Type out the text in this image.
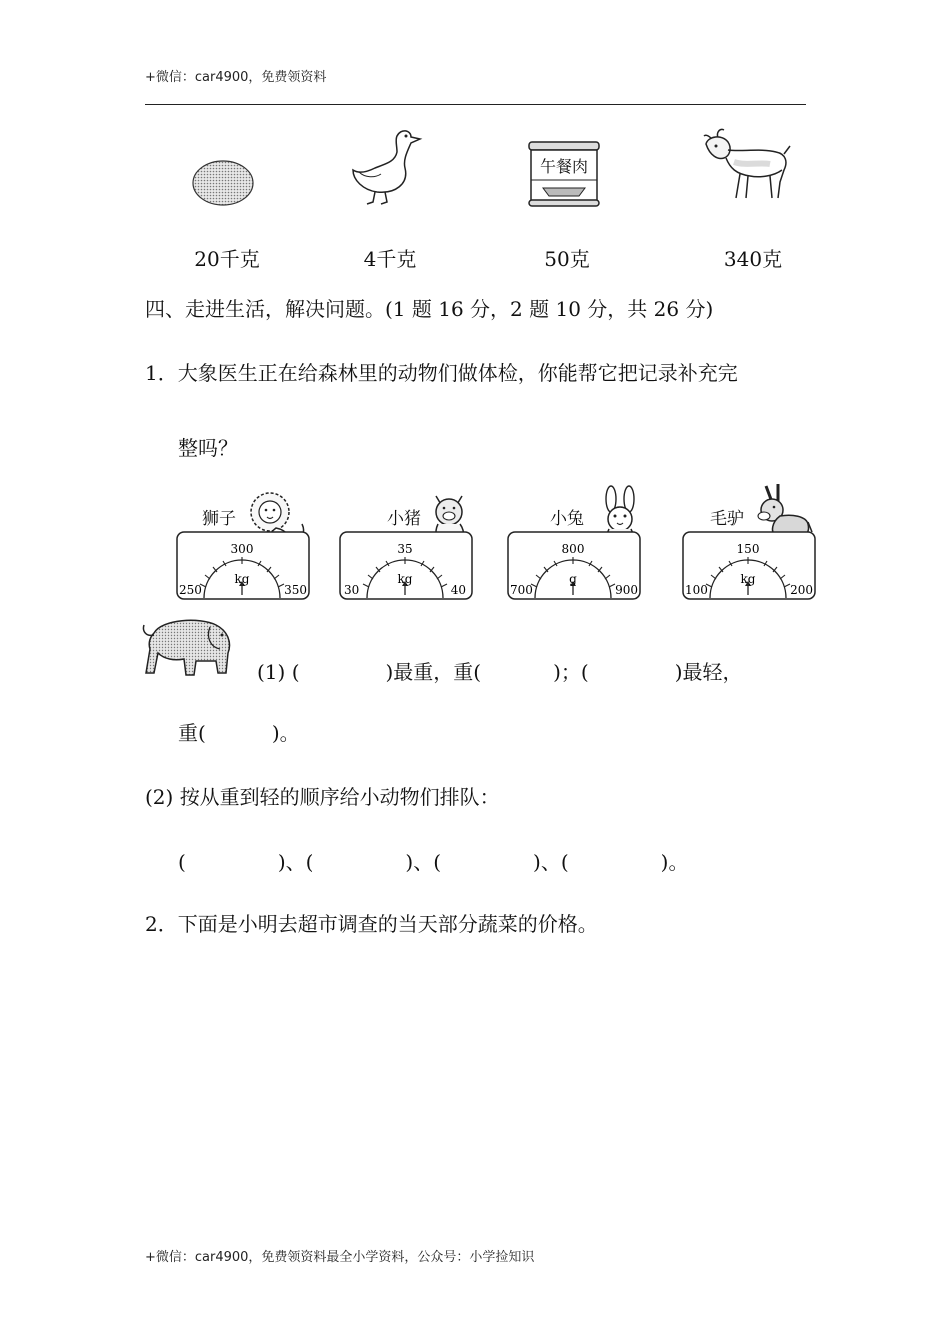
+微信：car4900，免费领资料
午餐肉
20千克	4千克	50克	340克
四、走进生活，解决问题。(1 题 16 分，2 题 10 分，共 26 分)
1．大象医生正在给森林里的动物们做体检，你能帮它把记录补充完
整吗？
狮子
300
kg
250	350
小猪
35
kg
30	40
小兔
800
g
700	900
毛驴
150
kg
100	200
(1) (	)最重，重(	)；(	)最轻，
重(	)。
(2) 按从重到轻的顺序给小动物们排队：
(	)、(	)、(	)、(	)。
2．下面是小明去超市调查的当天部分蔬菜的价格。
+微信：car4900，免费领资料最全小学资料，公众号：小学捡知识
